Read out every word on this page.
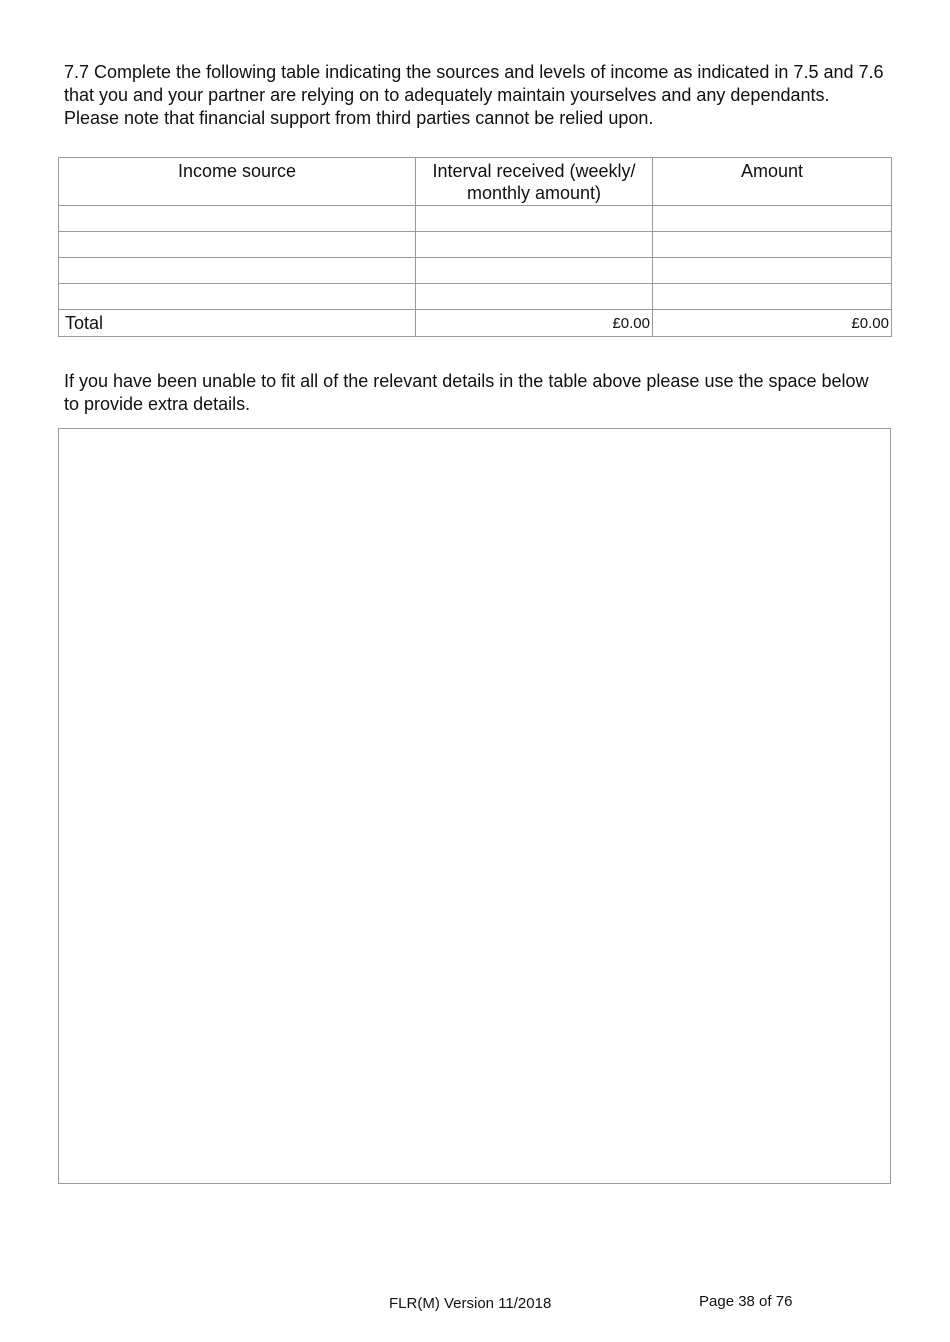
7.7 Complete the following table indicating the sources and levels of income as indicated in 7.5 and 7.6 that you and your partner are relying on to adequately maintain yourselves and any dependants. Please note that financial support from third parties cannot be relied upon.

Income source	Interval received (weekly/ monthly amount)	Amount

Total	£0.00	£0.00

If you have been unable to fit all of the relevant details in the table above please use the space below to provide extra details.

FLR(M) Version 11/2018	Page 38 of 76
